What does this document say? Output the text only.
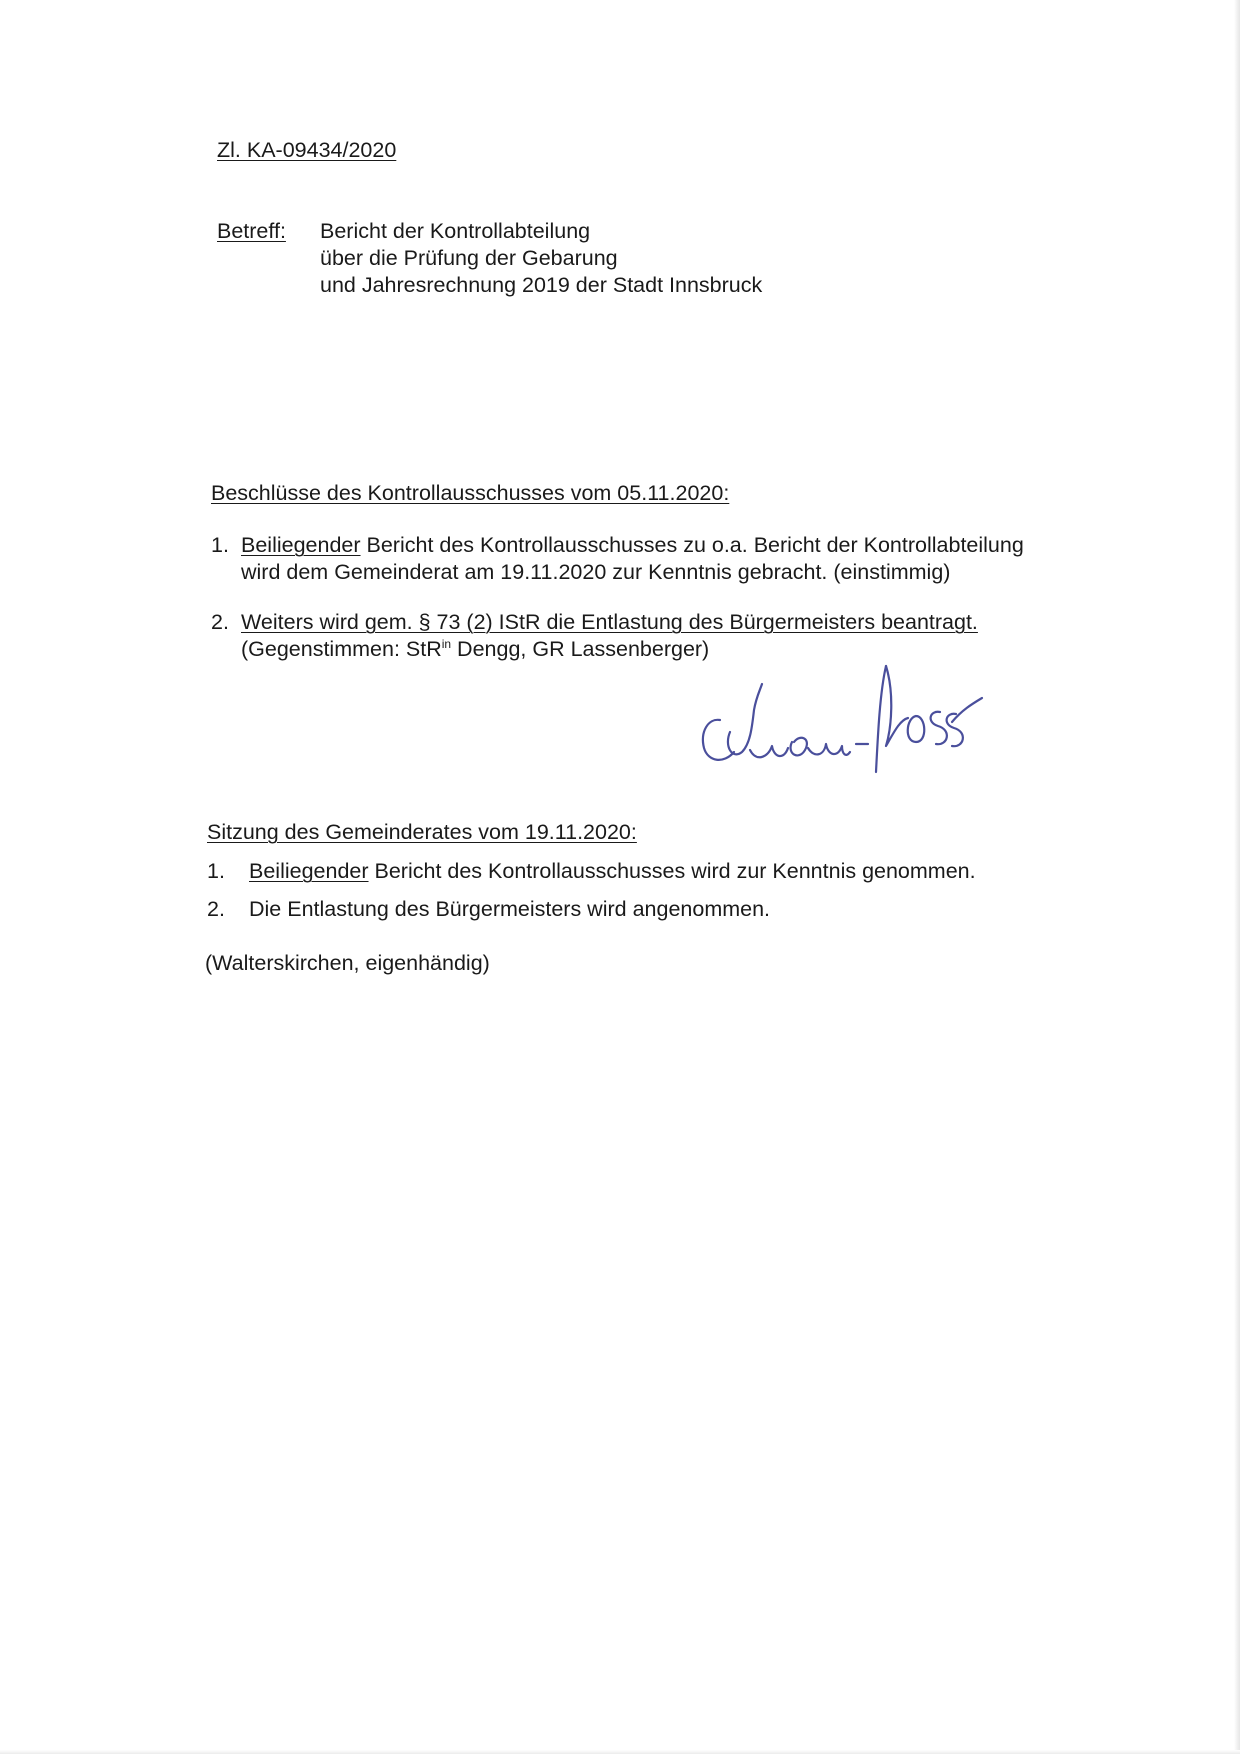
Zl. KA-09434/2020
Betreff: Bericht der Kontrollabteilung
über die Prüfung der Gebarung
und Jahresrechnung 2019 der Stadt Innsbruck
Beschlüsse des Kontrollausschusses vom 05.11.2020:
1. Beiliegender Bericht des Kontrollausschusses zu o.a. Bericht der Kontrollabteilung
wird dem Gemeinderat am 19.11.2020 zur Kenntnis gebracht. (einstimmig)
2. Weiters wird gem. § 73 (2) IStR die Entlastung des Bürgermeisters beantragt.
(Gegenstimmen: StR$^{in}$ Dengg, GR Lassenberger)
Sitzung des Gemeinderates vom 19.11.2020:
1. Beiliegender Bericht des Kontrollausschusses wird zur Kenntnis genommen.
2. Die Entlastung des Bürgermeisters wird angenommen.
(Walterskirchen, eigenhändig)
